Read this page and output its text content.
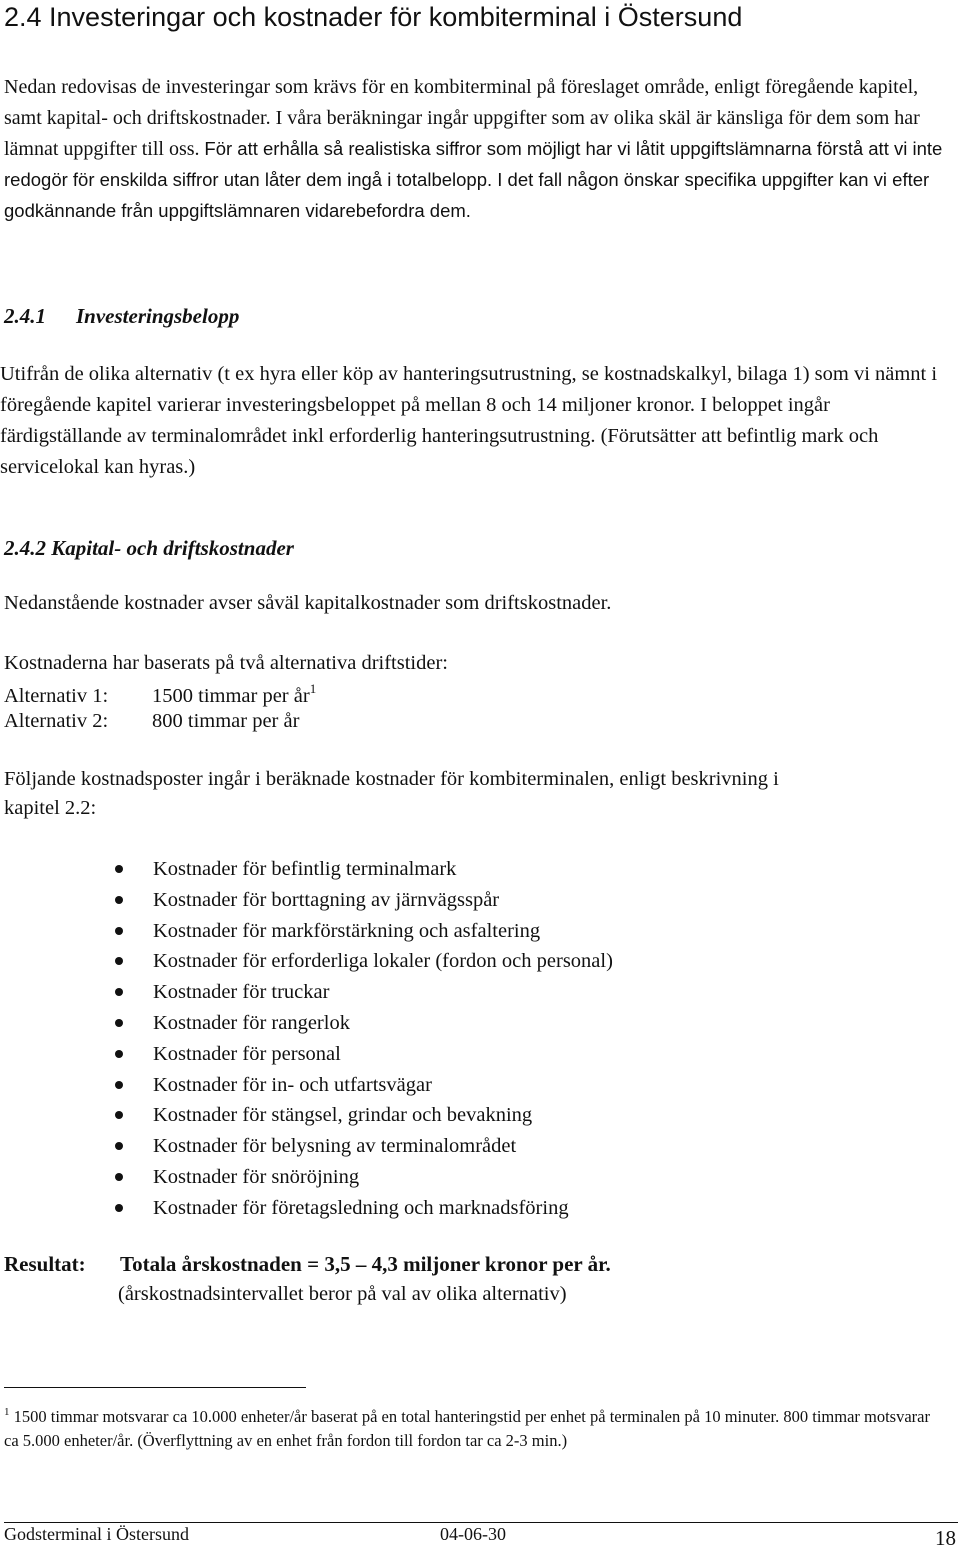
2.4 Investeringar och kostnader för kombiterminal i Östersund
Nedan redovisas de investeringar som krävs för en kombiterminal på föreslaget område, enligt föregående kapitel, samt kapital- och driftskostnader. I våra beräkningar ingår uppgifter som av olika skäl är känsliga för dem som har lämnat uppgifter till oss. För att erhålla så realistiska siffror som möjligt har vi låtit uppgiftslämnarna förstå att vi inte redogör för enskilda siffror utan låter dem ingå i totalbelopp. I det fall någon önskar specifika uppgifter kan vi efter godkännande från uppgiftslämnaren vidarebefordra dem.
2.4.1 Investeringsbelopp
Utifrån de olika alternativ (t ex hyra eller köp av hanteringsutrustning, se kostnadskalkyl, bilaga 1) som vi nämnt i föregående kapitel varierar investeringsbeloppet på mellan 8 och 14 miljoner kronor. I beloppet ingår färdigställande av terminalområdet inkl erforderlig hanteringsutrustning. (Förutsätter att befintlig mark och servicelokal kan hyras.)
2.4.2 Kapital- och driftskostnader
Nedanstående kostnader avser såväl kapitalkostnader som driftskostnader.
Kostnaderna har baserats på två alternativa driftstider:
Alternativ 1: 1500 timmar per $år^1$
Alternativ 2: 800 timmar per år
Följande kostnadsposter ingår i beräknade kostnader för kombiterminalen, enligt beskrivning i
kapitel 2.2:
Kostnader för befintlig terminalmark
Kostnader för borttagning av järnvägsspår
Kostnader för markförstärkning och asfaltering
Kostnader för erforderliga lokaler (fordon och personal)
Kostnader för truckar
Kostnader för rangerlok
Kostnader för personal
Kostnader för in- och utfartsvägar
Kostnader för stängsel, grindar och bevakning
Kostnader för belysning av terminalområdet
Kostnader för snöröjning
Kostnader för företagsledning och marknadsföring
Resultat: Totala årskostnaden = 3,5 – 4,3 miljoner kronor per år.
(årskostnadsintervallet beror på val av olika alternativ)
$^1$ 1500 timmar motsvarar ca 10.000 enheter/år baserat på en total hanteringstid per enhet på terminalen på 10 minuter. 800 timmar motsvarar ca 5.000 enheter/år. (Överflyttning av en enhet från fordon till fordon tar ca 2-3 min.)
Godsterminal i Östersund	04-06-30	18
